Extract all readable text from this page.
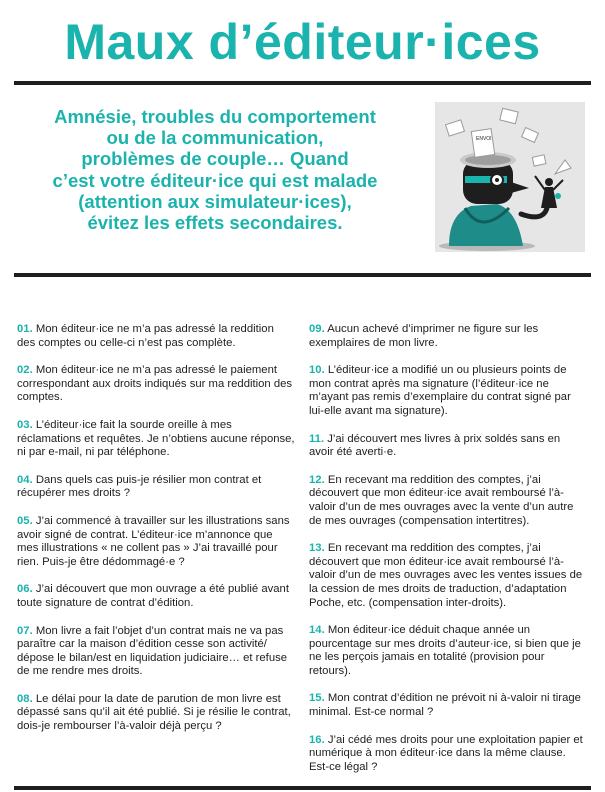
Maux d’éditeur·ices
Amnésie, troubles du comportement
ou de la communication,
problèmes de couple… Quand
c’est votre éditeur·ice qui est malade
(attention aux simulateur·ices),
évitez les effets secondaires.
ENVOI

01. Mon éditeur·ice ne m’a pas adressé la reddition des comptes ou celle-ci n’est pas complète.

02. Mon éditeur·ice ne m’a pas adressé le paiement correspondant aux droits indiqués sur ma reddition des comptes.

03. L’éditeur·ice fait la sourde oreille à mes réclamations et requêtes. Je n’obtiens aucune réponse, ni par e-mail, ni par téléphone.

04. Dans quels cas puis-je résilier mon contrat et récupérer mes droits ?

05. J’ai commencé à travailler sur les illustrations sans avoir signé de contrat. L’éditeur·ice m’annonce que mes illustrations « ne collent pas » J’ai travaillé pour rien. Puis-je être dédommagé·e ?

06. J’ai découvert que mon ouvrage a été publié avant toute signature de contrat d’édition.

07. Mon livre a fait l’objet d’un contrat mais ne va pas paraître car la maison d’édition cesse son activité/ dépose le bilan/est en liquidation judiciaire… et refuse de me rendre mes droits.

08. Le délai pour la date de parution de mon livre est dépassé sans qu’il ait été publié. Si je résilie le contrat, dois-je rembourser l’à-valoir déjà perçu ?

09. Aucun achevé d’imprimer ne figure sur les exemplaires de mon livre.

10. L’éditeur·ice a modifié un ou plusieurs points de mon contrat après ma signature (l’éditeur·ice ne m’ayant pas remis d’exemplaire du contrat signé par lui-elle avant ma signature).

11. J’ai découvert mes livres à prix soldés sans en avoir été averti·e.

12. En recevant ma reddition des comptes, j’ai découvert que mon éditeur·ice avait remboursé l’à-valoir d’un de mes ouvrages avec la vente d’un autre de mes ouvrages (compensation intertitres).

13. En recevant ma reddition des comptes, j’ai découvert que mon éditeur·ice avait remboursé l’à-valoir d’un de mes ouvrages avec les ventes issues de la cession de mes droits de traduction, d’adaptation Poche, etc. (compensation inter-droits).

14. Mon éditeur·ice déduit chaque année un pourcentage sur mes droits d’auteur·ice, si bien que je ne les perçois jamais en totalité (provision pour retours).

15. Mon contrat d’édition ne prévoit ni à-valoir ni tirage minimal. Est-ce normal ?

16. J’ai cédé mes droits pour une exploitation papier et numérique à mon éditeur·ice dans la même clause. Est-ce légal ?
